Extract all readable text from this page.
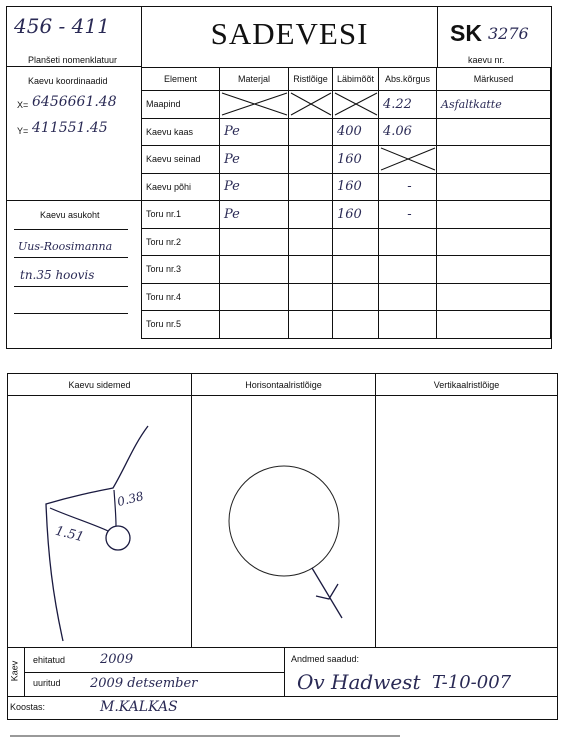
456 - 411
Planšeti nomenklatuur
SADEVESI	SK 3276
kaevu nr.
Kaevu koordinaadid
X= 6456661.48
Y= 411551.45
Kaevu asukoht
Uus-Roosimanna
tn.35 hoovis
Element	Materjal	Ristlõige	Läbimõõt	Abs.kõrgus	Märkused
Maapind				4.22	Asfaltkatte
Kaevu kaas	Pe		400	4.06	
Kaevu seinad	Pe		160	

Kaevu põhi	Pe		160	-	
Toru nr.1	Pe		160	-	
Toru nr.2					
Toru nr.3					
Toru nr.4					
Toru nr.5					
Kaevu sidemed	Horisontaalristlõige	Vertikaalristlõige
1.51
0.38
Kaev
ehitatud	2009
uuritud 2009 detsember
Andmed saadud:
Ov Hadwest T-10-007
Koostas:	M.KALKAS
